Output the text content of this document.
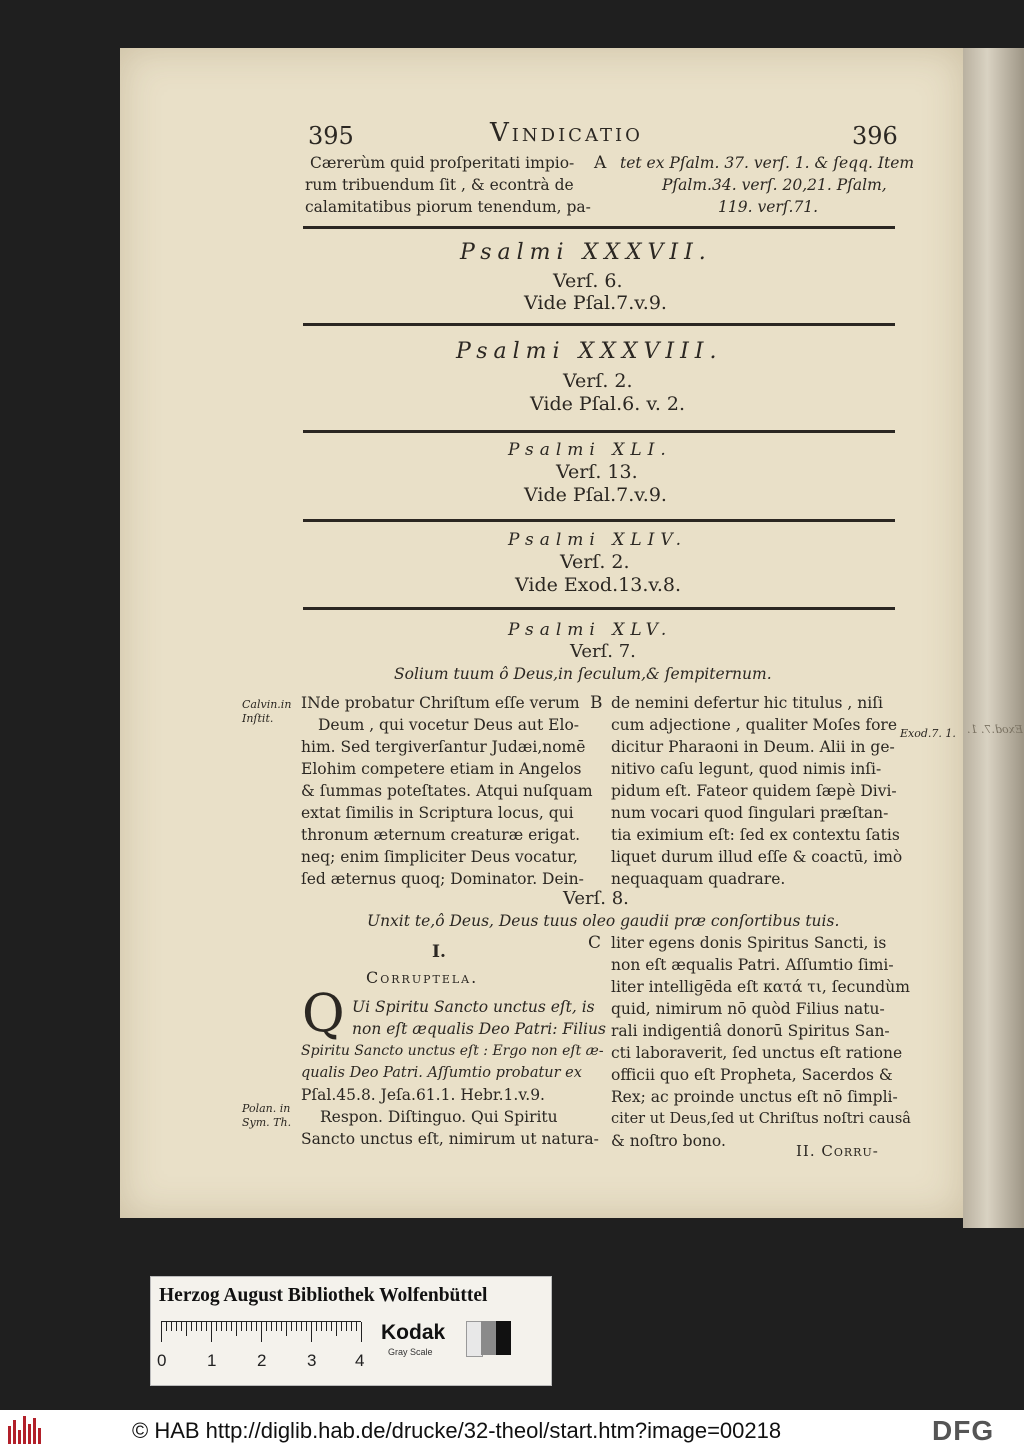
Exod.7. 1.
395	Vindicatio	396
Cærerùm quid proſperitati impio-
rum tribuendum ſit , & econtrà de
calamitatibus piorum tenendum, pa-
A tet ex Pſalm. 37. verſ. 1. & ſeqq. Item
Pſalm.34. verſ. 20,21. Pſalm,
119. verſ.71.
Psalmi XXXVII.
Verſ. 6.
Vide Pſal.7.v.9.
Psalmi XXXVIII.
Verſ. 2.
Vide Pſal.6. v. 2.
Psalmi XLI.
Verſ. 13.
Vide Pſal.7.v.9.
Psalmi XLIV.
Verſ. 2.
Vide Exod.13.v.8.
Psalmi XLV.
Verſ. 7.
Solium tuum ô Deus,in ſeculum,& ſempiternum.
Calvin.in
Inſtit.
INde probatur Chriſtum eſſe verum
Deum , qui vocetur Deus aut Elo-
him. Sed tergiverſantur Judæi,nomē
Elohim competere etiam in Angelos
& ſummas poteſtates. Atqui nuſquam
extat ſimilis in Scriptura locus, qui
thronum æternum creaturæ erigat.
neq; enim ſimpliciter Deus vocatur,
ſed æternus quoq; Dominator. Dein-
B de nemini defertur hic titulus , niſi
cum adjectione , qualiter Moſes fore
dicitur Pharaoni in Deum. Alii in ge-
nitivo caſu legunt, quod nimis inſi-
pidum eſt. Fateor quidem ſæpè Divi-
num vocari quod ſingulari præſtan-
tia eximium eſt: ſed ex contextu ſatis
liquet durum illud eſſe & coactū, imò
nequaquam quadrare.
Exod.7. 1.
Verſ. 8.
Unxit te,ô Deus, Deus tuus oleo gaudii præ conſortibus tuis.
I.
Corruptela.
Q Ui Spiritu Sancto unctus eſt, is
non eſt æqualis Deo Patri: Filius
Spiritu Sancto unctus eſt : Ergo non eſt æ-
qualis Deo Patri. Aſſumtio probatur ex
Pſal.45.8. Jeſa.61.1. Hebr.1.v.9.
Respon. Diſtinguo. Qui Spiritu
Sancto unctus eſt, nimirum ut natura-
Polan. in
Sym. Th.
C liter egens donis Spiritus Sancti, is
non eſt æqualis Patri. Aſſumtio ſimi-
liter intelligēda eſt κατά τι, ſecundùm
quid, nimirum nō quòd Filius natu-
rali indigentiâ donorū Spiritus San-
cti laboraverit, ſed unctus eſt ratione
officii quo eſt Propheta, Sacerdos &
Rex; ac proinde unctus eſt nō ſimpli-
citer ut Deus,ſed ut Chriſtus noſtri causâ
& noſtro bono.
II. Corru-
Herzog August Bibliothek Wolfenbüttel
0 1 2 3 4
Kodak
Gray Scale
© HAB http://diglib.hab.de/drucke/32-theol/start.htm?image=00218	DFG
